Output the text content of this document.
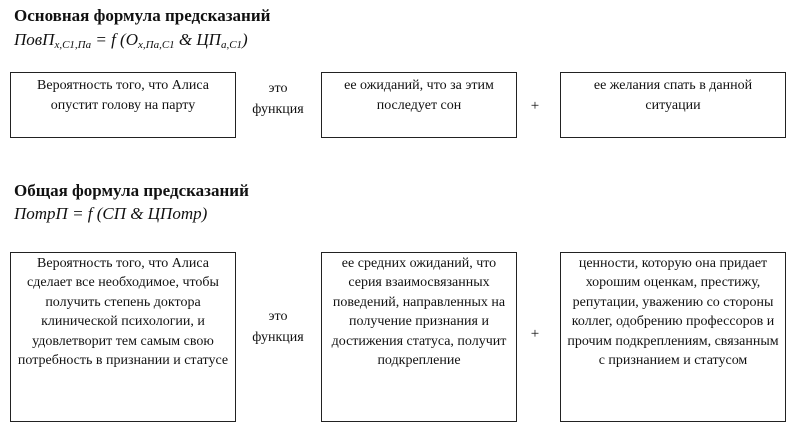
Основная формула предсказаний
ПовП$_{x,C1,Па}$ = f ($O_{x,Па,C1}$ & $ЦП_{a,C1}$)
Вероятность того, что Алиса опустит голову на парту
это
функция
ее ожиданий, что за этим последует сон	+
ее желания спать в данной ситуации
Общая формула предсказаний
ПотрП = f (СП & ЦПотр)
Вероятность того, что Алиса сделает все необходимое, чтобы получить степень доктора клинической психологии, и удовлетворит тем самым свою потребность в признании и статусе
это
функция
ее средних ожиданий, что серия взаимосвязанных поведений, направленных на получение признания и достижения статуса, получит подкрепление
+
ценности, которую она придает хорошим оценкам, престижу, репутации, уважению со стороны коллег, одобрению профессоров и прочим подкреплениям, связанным с признанием и статусом
